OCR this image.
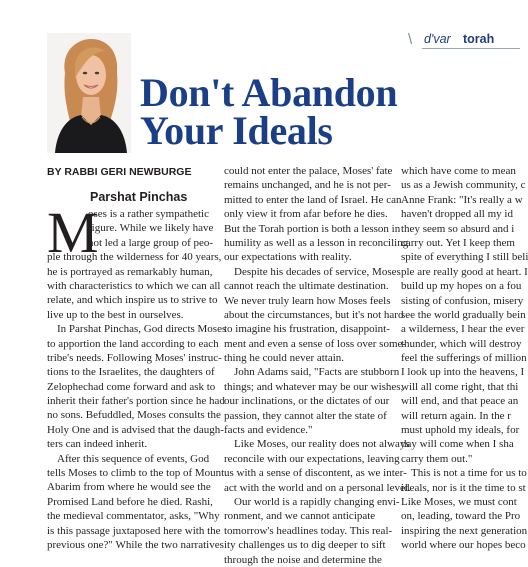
\ d'var torah
Don't Abandon
Your Ideals
BY RABBI GERI NEWBURGE
Parshat Pinchas
M
oses is a rather sympathetic
figure. While we likely have
not led a large group of peo-
ple through the wilderness for 40 years,
he is portrayed as remarkably human,
with characteristics to which we can all
relate, and which inspire us to strive to
live up to the best in ourselves.
In Parshat Pinchas, God directs Moses
to apportion the land according to each
tribe's needs. Following Moses' instruc-
tions to the Israelites, the daughters of
Zelophechad come forward and ask to
inherit their father's portion since he had
no sons. Befuddled, Moses consults the
Holy One and is advised that the daugh-
ters can indeed inherit.
After this sequence of events, God
tells Moses to climb to the top of Mount
Abarim from where he would see the
Promised Land before he died. Rashi,
the medieval commentator, asks, "Why
is this passage juxtaposed here with the
previous one?" While the two narratives
could not enter the palace, Moses' fate
remains unchanged, and he is not per-
mitted to enter the land of Israel. He can
only view it from afar before he dies.
But the Torah portion is both a lesson in
humility as well as a lesson in reconciling
our expectations with reality.
Despite his decades of service, Moses
cannot reach the ultimate destination.
We never truly learn how Moses feels
about the circumstances, but it's not hard
to imagine his frustration, disappoint-
ment and even a sense of loss over some-
thing he could never attain.
John Adams said, "Facts are stubborn
things; and whatever may be our wishes,
our inclinations, or the dictates of our
passion, they cannot alter the state of
facts and evidence."
Like Moses, our reality does not always
reconcile with our expectations, leaving
us with a sense of discontent, as we inter-
act with the world and on a personal level.
Our world is a rapidly changing envi-
ronment, and we cannot anticipate
tomorrow's headlines today. This real-
ity challenges us to dig deeper to sift
through the noise and determine the
which have come to mean
us as a Jewish community, c
Anne Frank: "It's really a w
haven't dropped all my id
they seem so absurd and i
carry out. Yet I keep them
spite of everything I still beli
ple are really good at heart. I
build up my hopes on a fou
sisting of confusion, misery
see the world gradually bein
a wilderness, I hear the ever
thunder, which will destroy
feel the sufferings of million
I look up into the heavens, I
will all come right, that thi
will end, and that peace an
will return again. In the r
must uphold my ideals, for
day will come when I sha
carry them out."
This is not a time for us to
ideals, nor is it the time to st
Like Moses, we must cont
on, leading, toward the Pro
inspiring the next generation
world where our hopes beco
